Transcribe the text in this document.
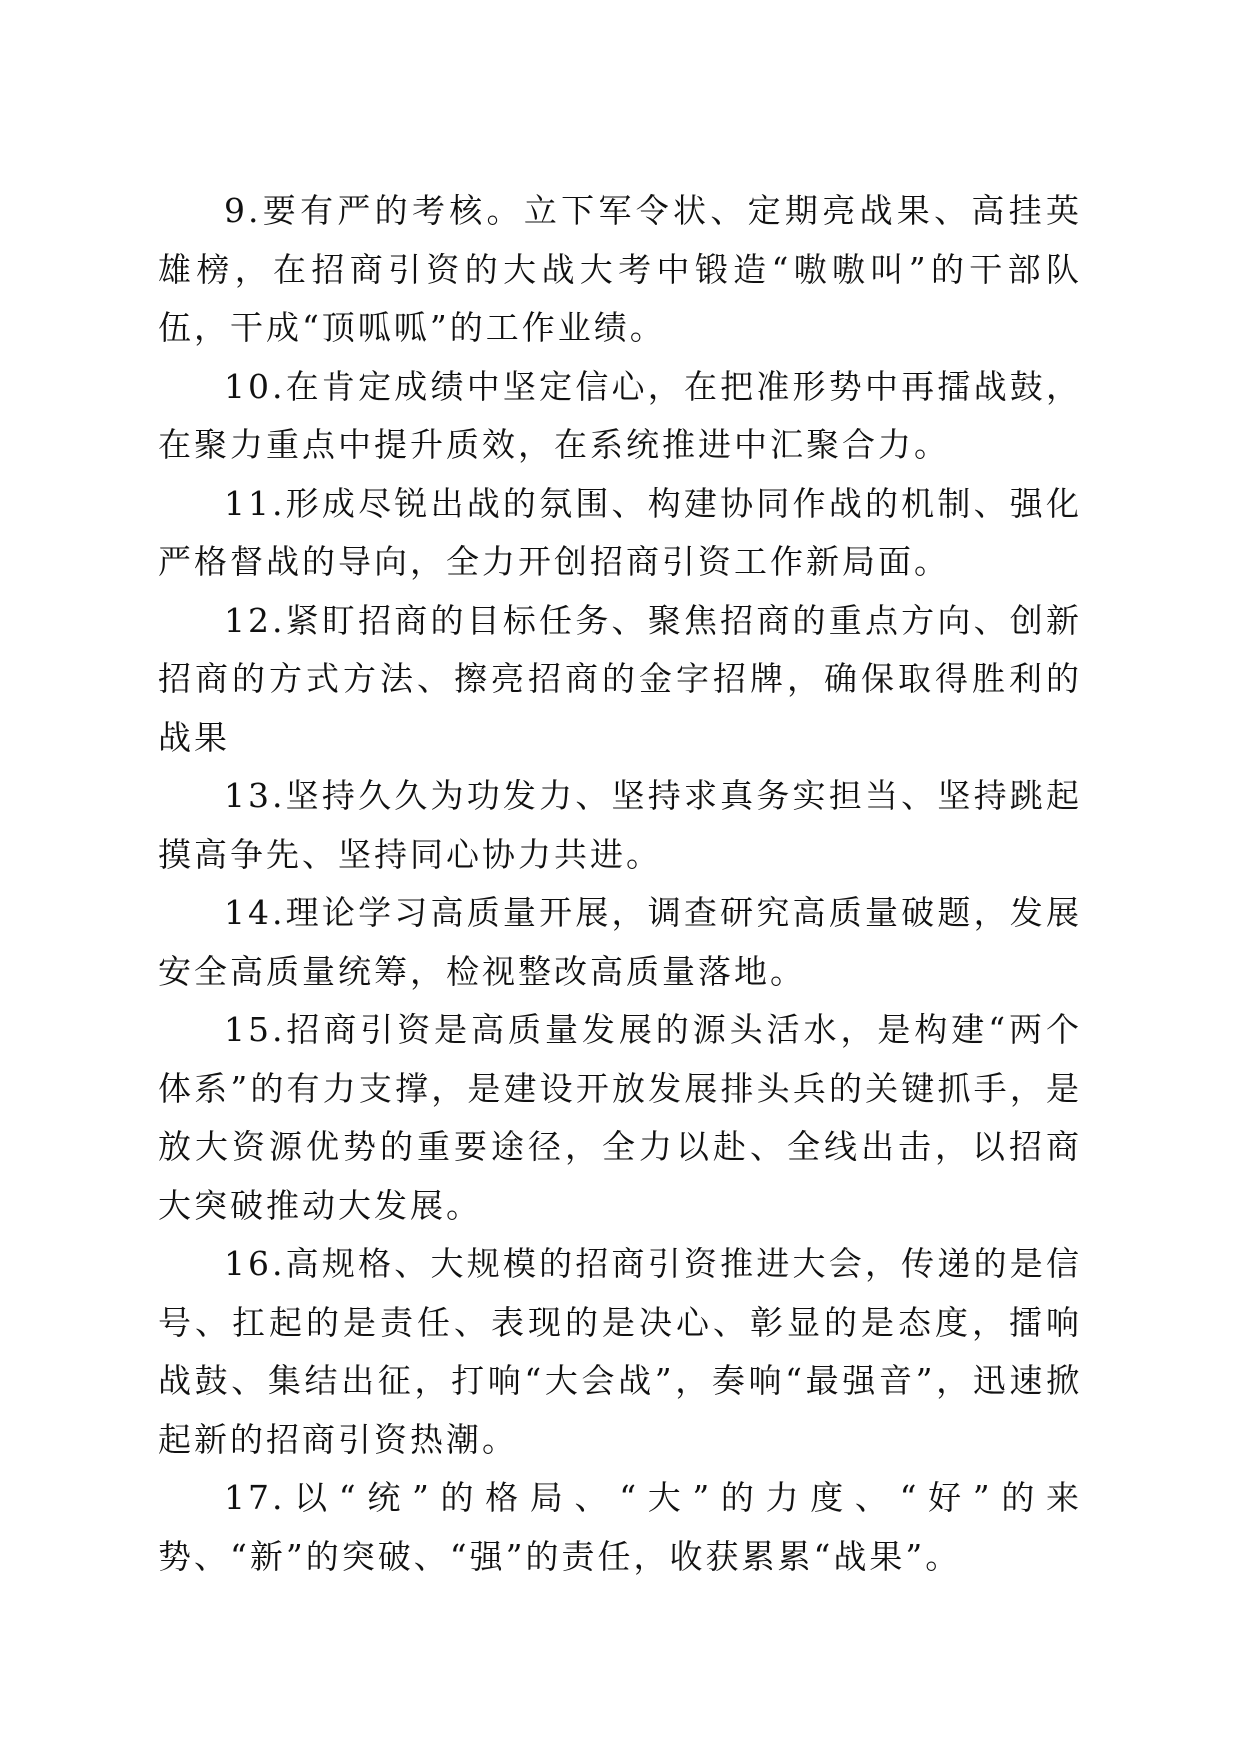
9.要有严的考核。立下军令状、定期亮战果、高挂英雄榜，在招商引资的大战大考中锻造“嗷嗷叫”的干部队伍，干成“顶呱呱”的工作业绩。

10.在肯定成绩中坚定信心，在把准形势中再擂战鼓，在聚力重点中提升质效，在系统推进中汇聚合力。

11.形成尽锐出战的氛围、构建协同作战的机制、强化严格督战的导向，全力开创招商引资工作新局面。

12.紧盯招商的目标任务、聚焦招商的重点方向、创新招商的方式方法、擦亮招商的金字招牌，确保取得胜利的战果

13.坚持久久为功发力、坚持求真务实担当、坚持跳起摸高争先、坚持同心协力共进。

14.理论学习高质量开展，调查研究高质量破题，发展安全高质量统筹，检视整改高质量落地。

15.招商引资是高质量发展的源头活水，是构建“两个体系”的有力支撑，是建设开放发展排头兵的关键抓手，是放大资源优势的重要途径，全力以赴、全线出击，以招商大突破推动大发展。

16.高规格、大规模的招商引资推进大会，传递的是信号、扛起的是责任、表现的是决心、彰显的是态度，擂响战鼓、集结出征，打响“大会战”，奏响“最强音”，迅速掀起新的招商引资热潮。

17.以“统”的格局、“大”的力度、“好”的来势、“新”的突破、“强”的责任，收获累累“战果”。
